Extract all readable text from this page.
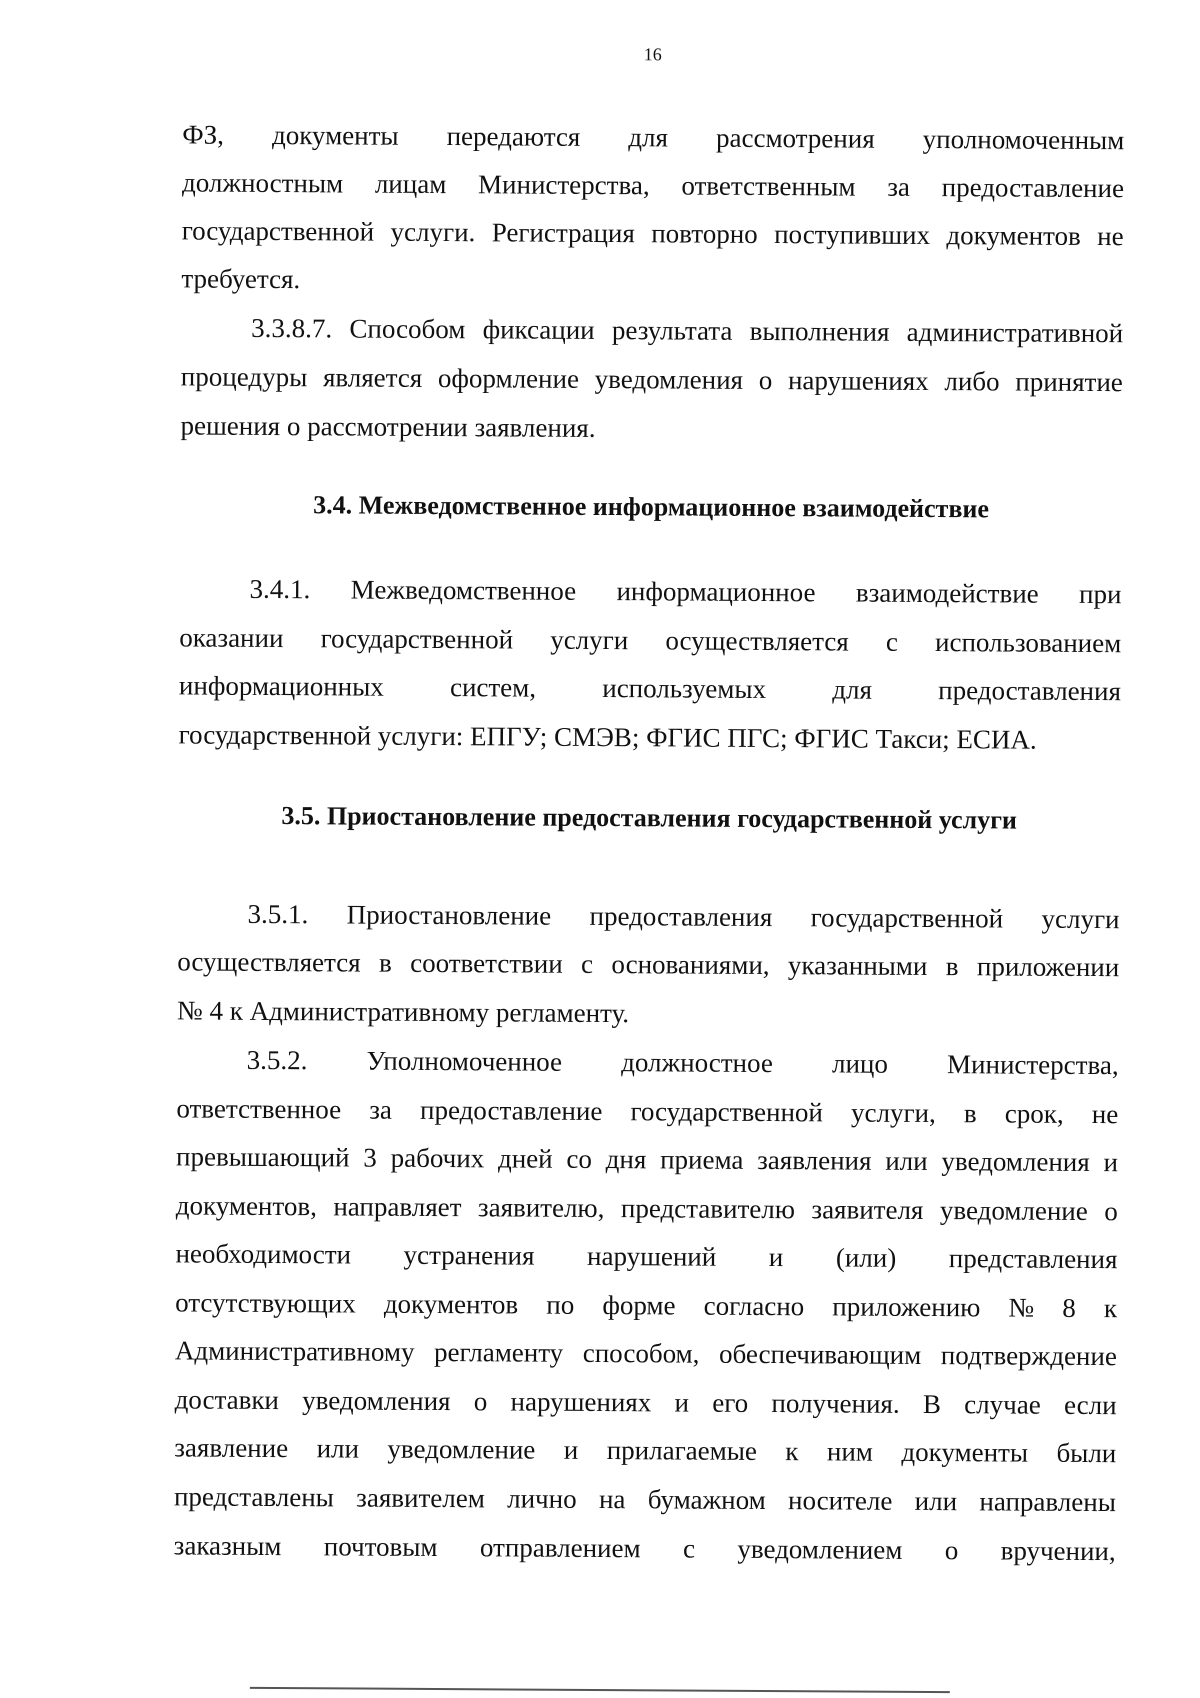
16
ФЗ, документы передаются для рассмотрения уполномоченным
должностным лицам Министерства, ответственным за предоставление
государственной услуги. Регистрация повторно поступивших документов не
требуется.
3.3.8.7. Способом фиксации результата выполнения административной
процедуры является оформление уведомления о нарушениях либо принятие
решения о рассмотрении заявления.
3.4. Межведомственное информационное взаимодействие
3.4.1. Межведомственное информационное взаимодействие при
оказании государственной услуги осуществляется с использованием
информационных систем, используемых для предоставления
государственной услуги: ЕПГУ; СМЭВ; ФГИС ПГС; ФГИС Такси; ЕСИА.
3.5. Приостановление предоставления государственной услуги
3.5.1. Приостановление предоставления государственной услуги
осуществляется в соответствии с основаниями, указанными в приложении
№ 4 к Административному регламенту.
3.5.2. Уполномоченное должностное лицо Министерства,
ответственное за предоставление государственной услуги, в срок, не
превышающий 3 рабочих дней со дня приема заявления или уведомления и
документов, направляет заявителю, представителю заявителя уведомление о
необходимости устранения нарушений и (или) представления
отсутствующих документов по форме согласно приложению № 8 к
Административному регламенту способом, обеспечивающим подтверждение
доставки уведомления о нарушениях и его получения. В случае если
заявление или уведомление и прилагаемые к ним документы были
представлены заявителем лично на бумажном носителе или направлены
заказным почтовым отправлением с уведомлением о вручении,
